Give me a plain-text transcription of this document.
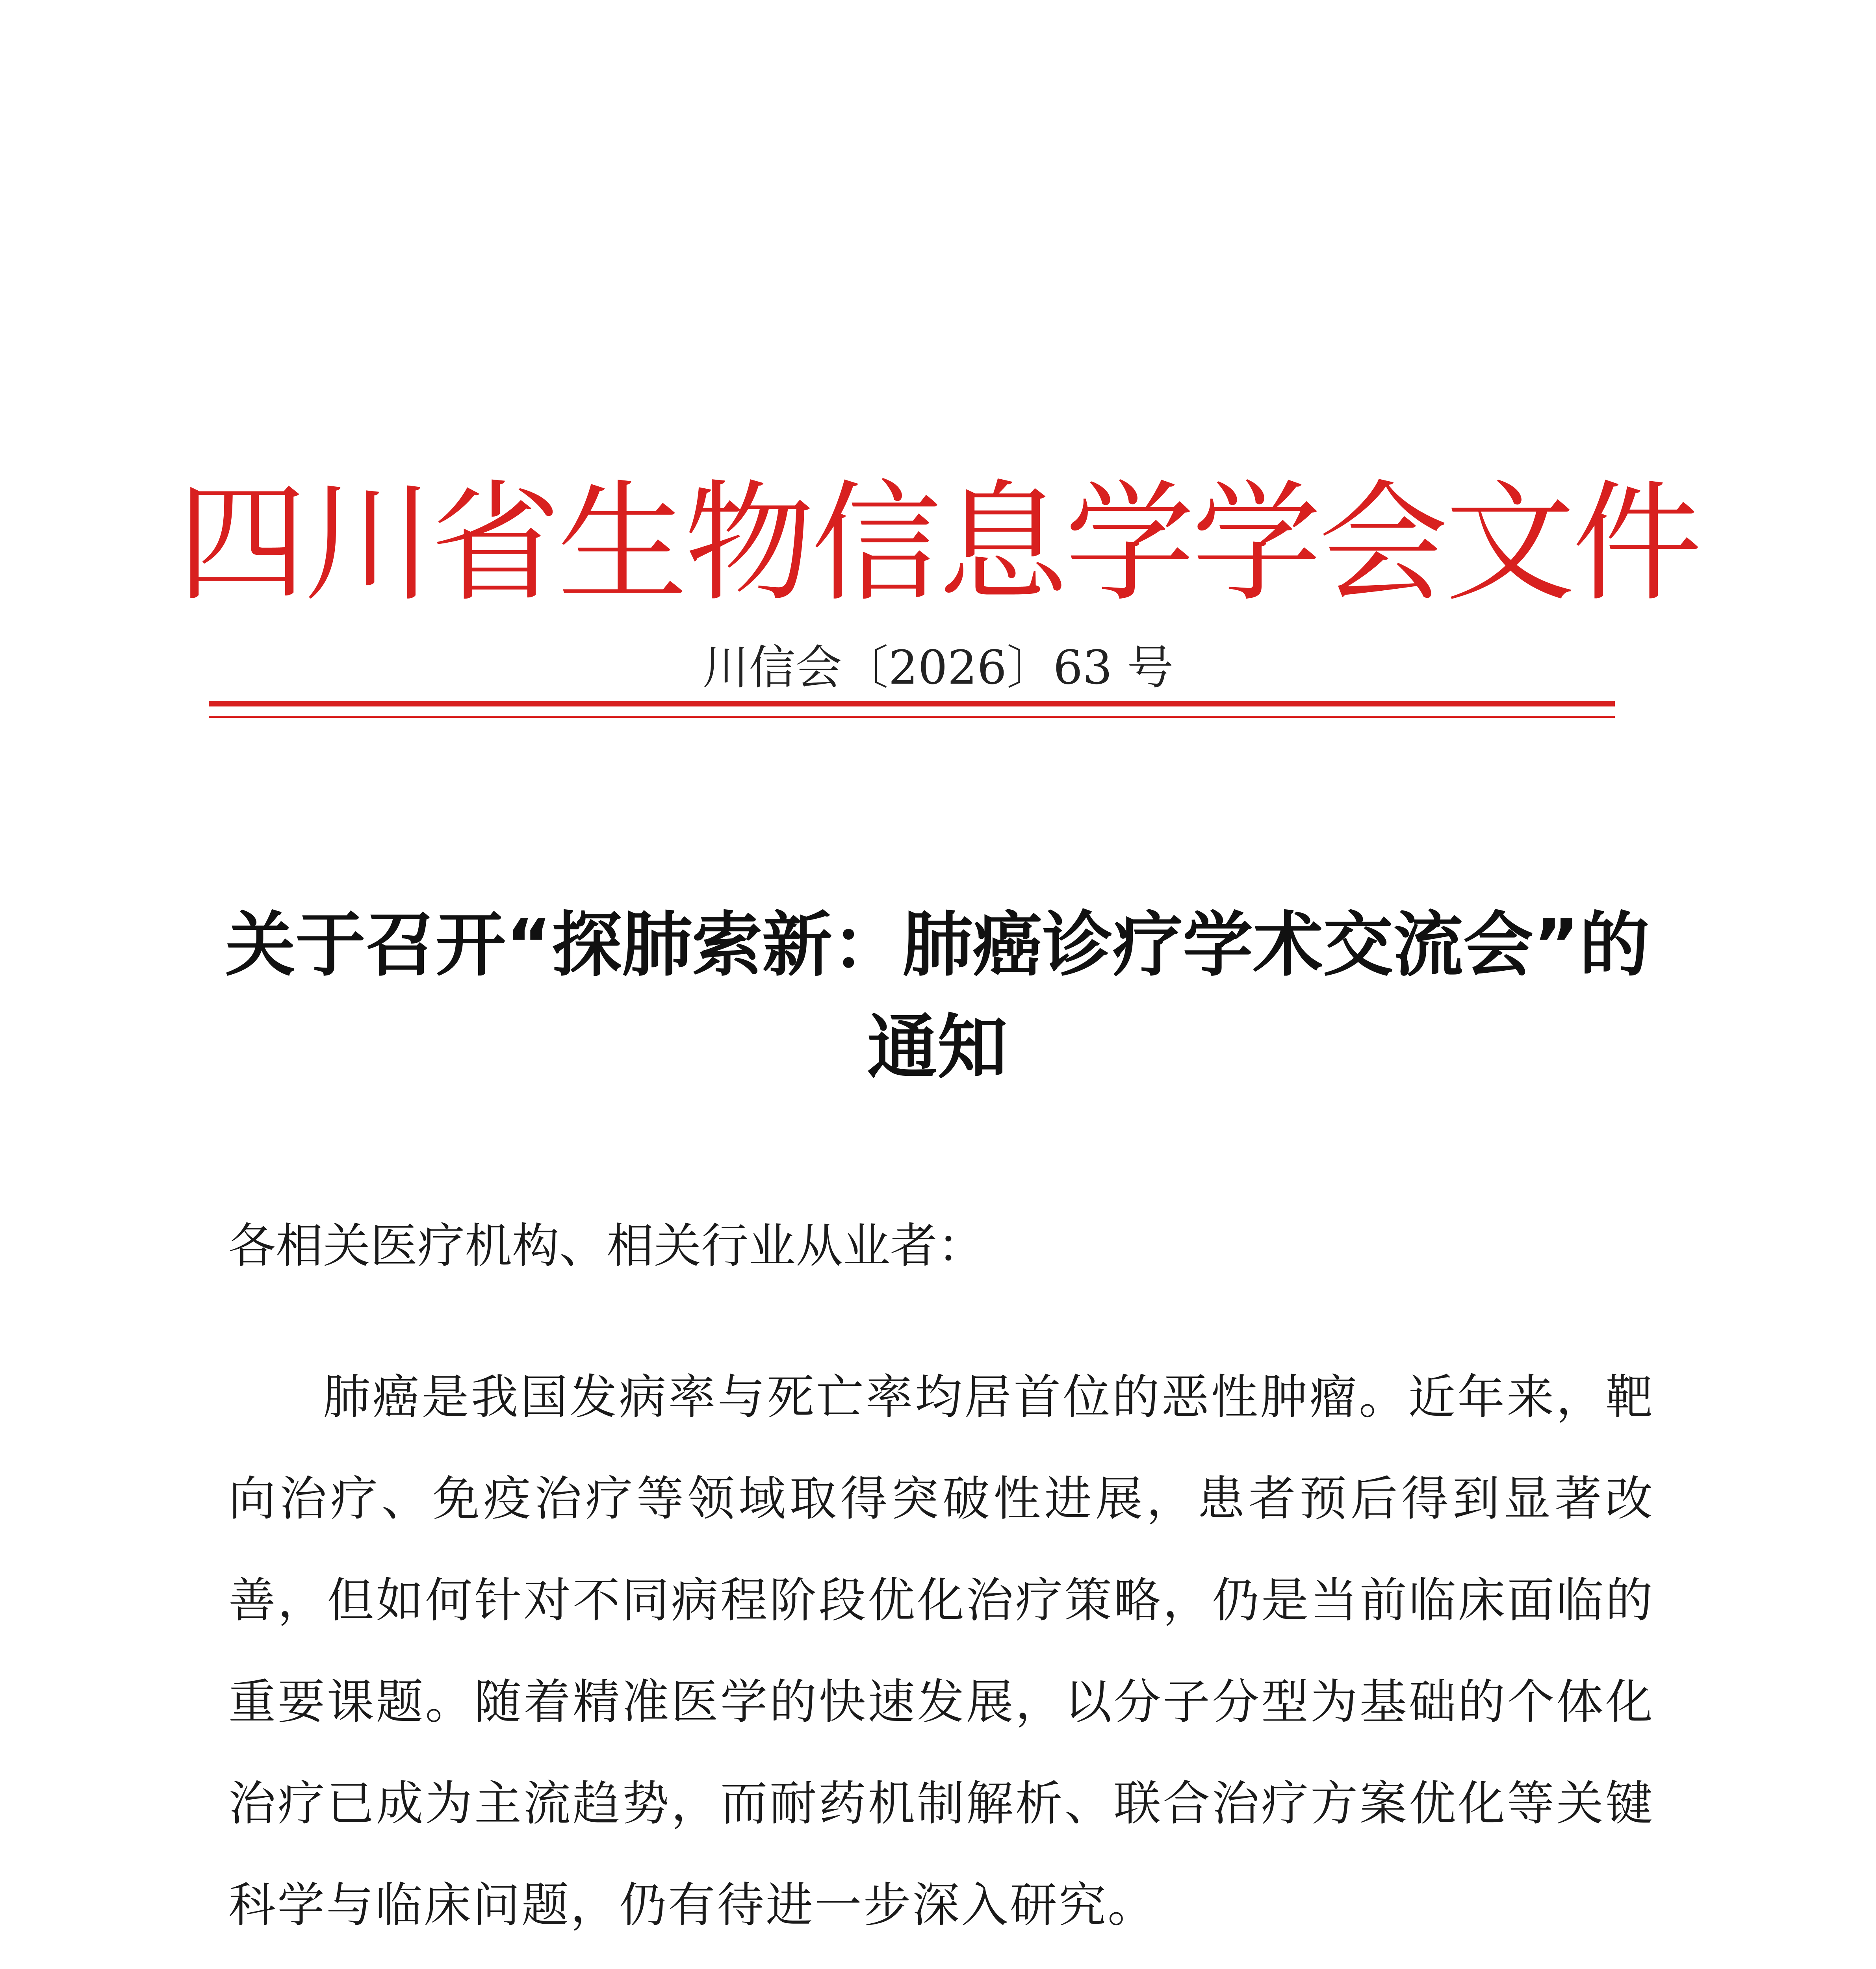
四川省生物信息学学会文件
川信会〔2026〕63 号
关于召开“探肺索新：肺癌诊疗学术交流会”的通知
各相关医疗机构、相关行业从业者：
肺癌是我国发病率与死亡率均居首位的恶性肿瘤。近年来，靶向治疗、免疫治疗等领域取得突破性进展，患者预后得到显著改善，但如何针对不同病程阶段优化治疗策略，仍是当前临床面临的重要课题。随着精准医学的快速发展，以分子分型为基础的个体化治疗已成为主流趋势，而耐药机制解析、联合治疗方案优化等关键科学与临床问题，仍有待进一步深入研究。
